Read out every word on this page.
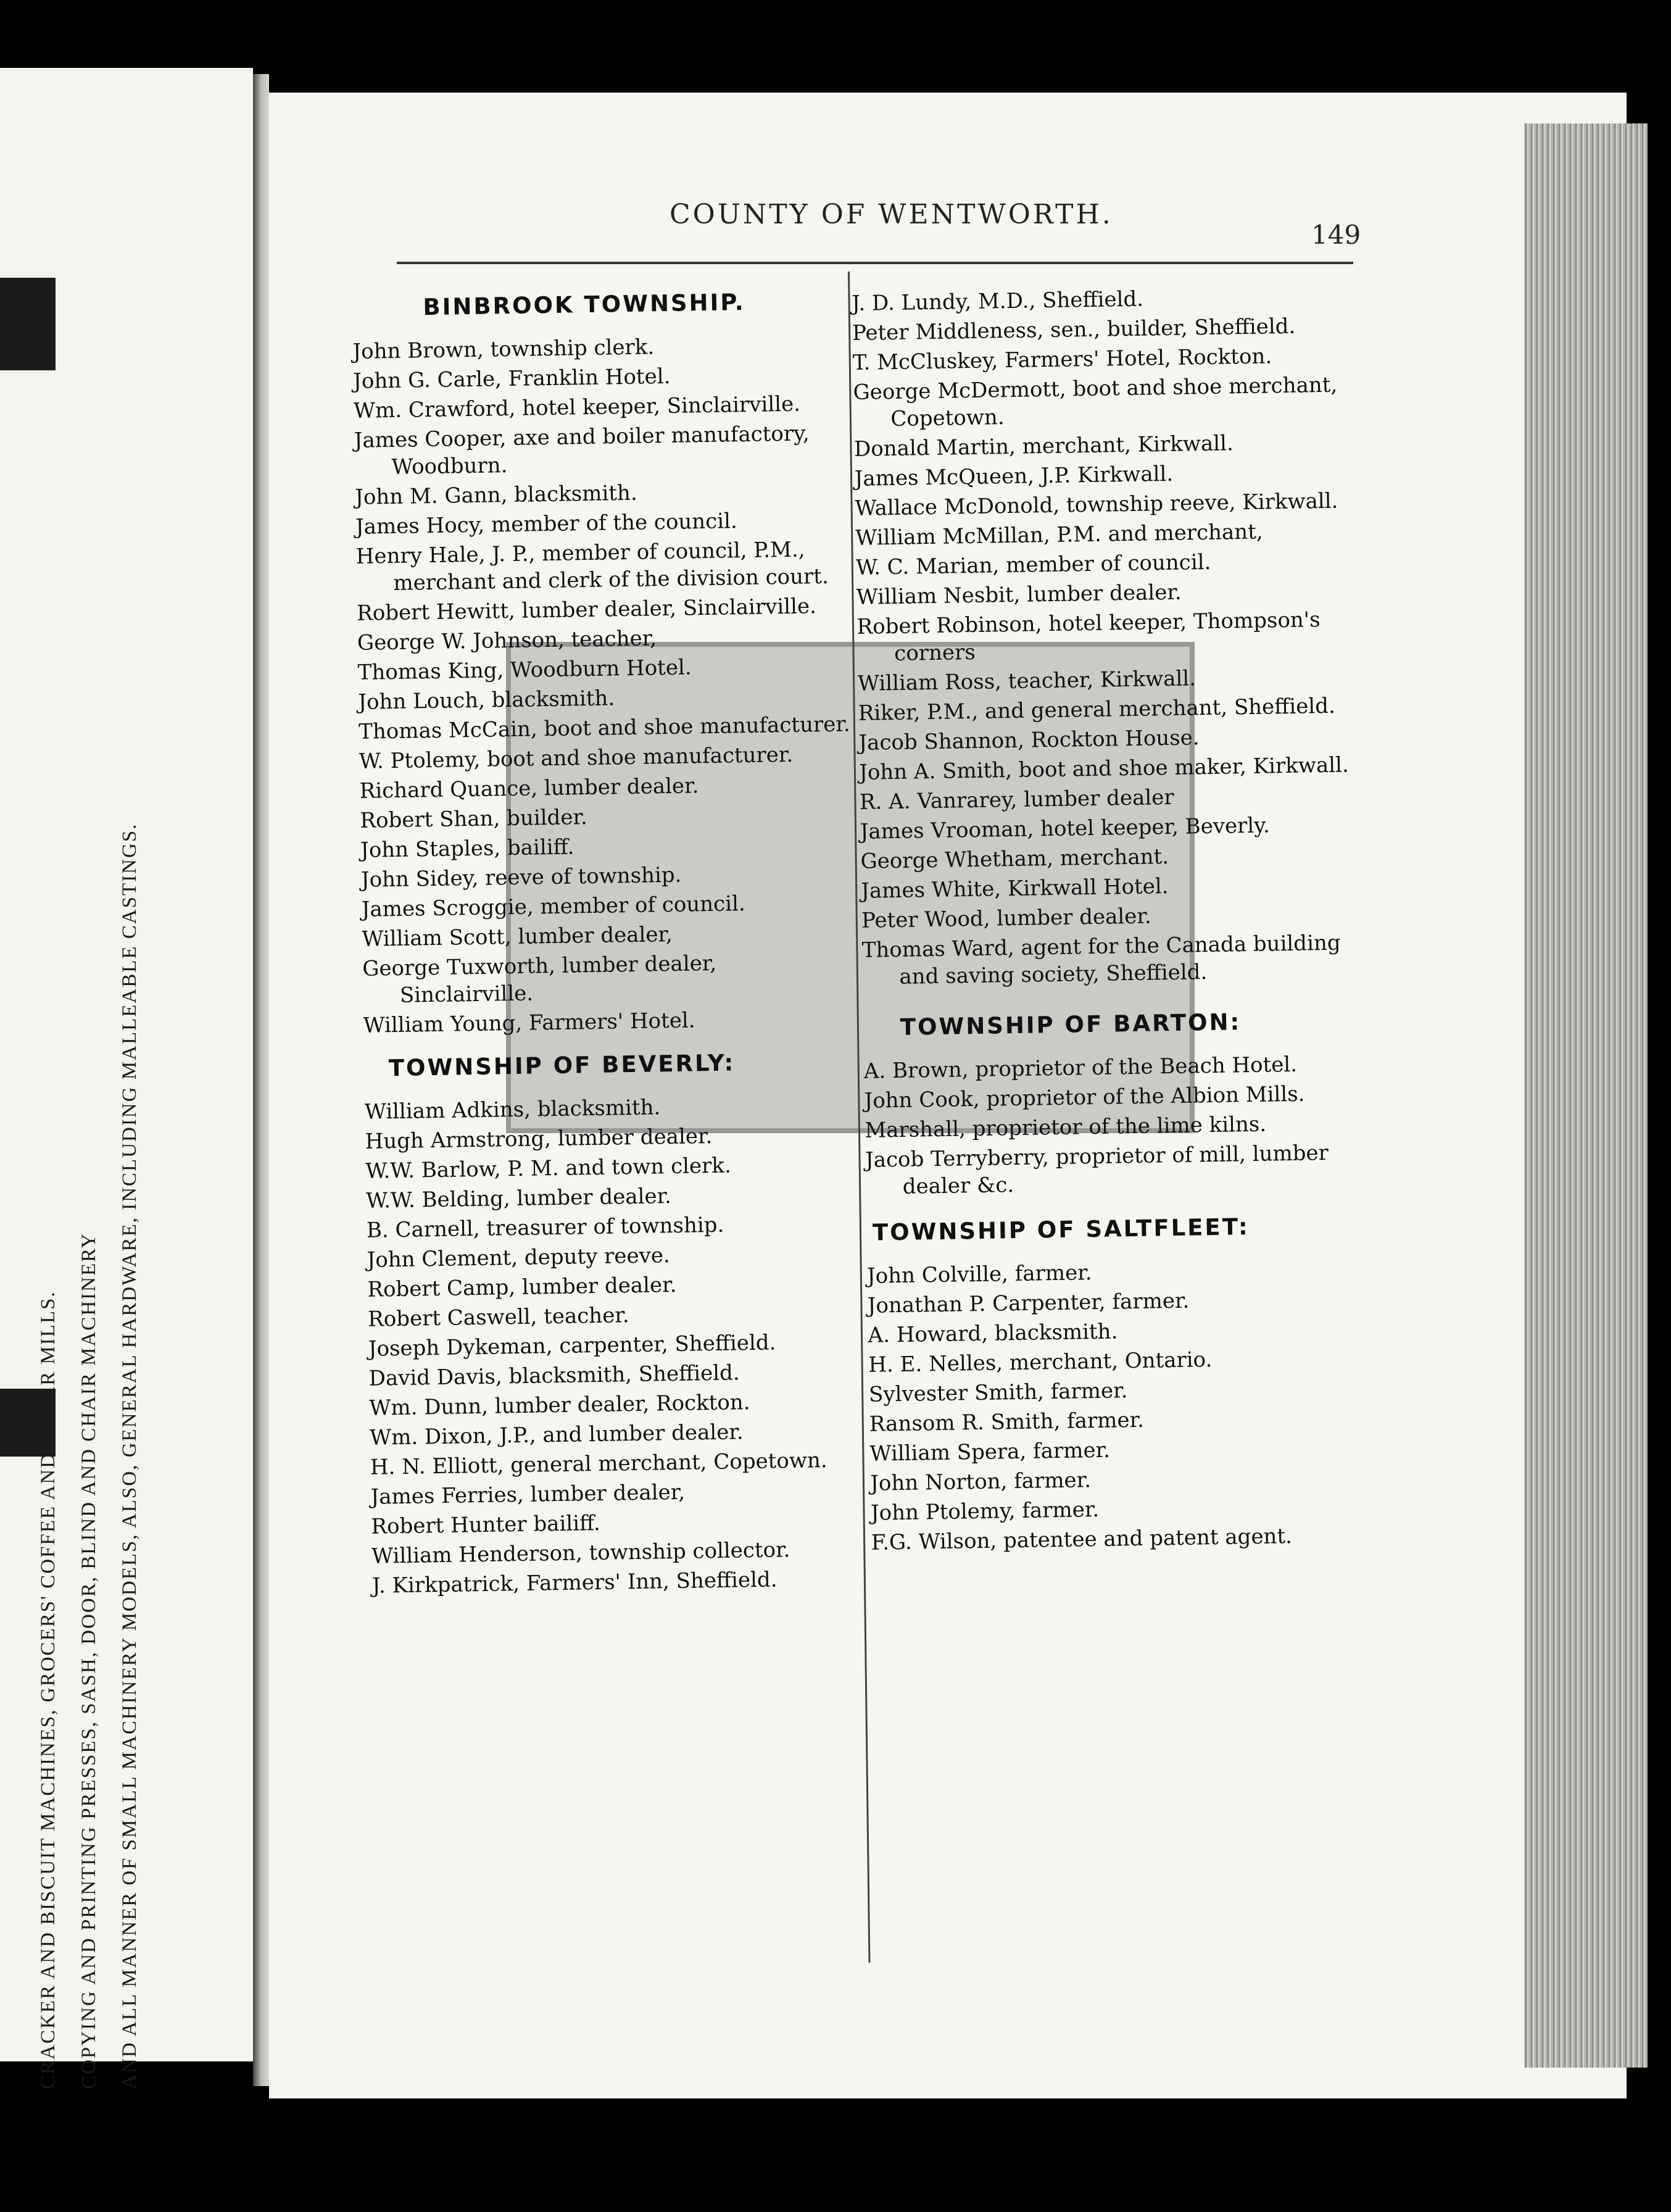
CRACKER AND BISCUIT MACHINES, GROCERS' COFFEE AND SUGAR MILLS. COPYING AND PRINTING PRESSES, SASH, DOOR, BLIND AND CHAIR MACHINERY AND ALL MANNER OF SMALL MACHINERY MODELS, ALSO, GENERAL HARDWARE, INCLUDING MALLEABLE CASTINGS.
COUNTY OF WENTWORTH.
149
BINBROOK TOWNSHIP.
John Brown, township clerk.
John G. Carle, Franklin Hotel.
Wm. Crawford, hotel keeper, Sinclairville.
James Cooper, axe and boiler manufactory, Woodburn.
John M. Gann, blacksmith.
James Hocy, member of the council.
Henry Hale, J. P., member of council, P.M., merchant and clerk of the division court.
Robert Hewitt, lumber dealer, Sinclairville.
George W. Johnson, teacher,
Thomas King, Woodburn Hotel.
John Louch, blacksmith.
Thomas McCain, boot and shoe manufacturer.
W. Ptolemy, boot and shoe manufacturer.
Richard Quance, lumber dealer.
Robert Shan, builder.
John Staples, bailiff.
John Sidey, reeve of township.
James Scroggie, member of council.
William Scott, lumber dealer,
George Tuxworth, lumber dealer, Sinclairville.
William Young, Farmers' Hotel.
TOWNSHIP OF BEVERLY:
William Adkins, blacksmith.
Hugh Armstrong, lumber dealer.
W.W. Barlow, P. M. and town clerk.
W.W. Belding, lumber dealer.
B. Carnell, treasurer of township.
John Clement, deputy reeve.
Robert Camp, lumber dealer.
Robert Caswell, teacher.
Joseph Dykeman, carpenter, Sheffield.
David Davis, blacksmith, Sheffield.
Wm. Dunn, lumber dealer, Rockton.
Wm. Dixon, J.P., and lumber dealer.
H. N. Elliott, general merchant, Copetown.
James Ferries, lumber dealer,
Robert Hunter bailiff.
William Henderson, township collector.
J. Kirkpatrick, Farmers' Inn, Sheffield.
J. D. Lundy, M.D., Sheffield.
Peter Middleness, sen., builder, Sheffield.
T. McCluskey, Farmers' Hotel, Rockton.
George McDermott, boot and shoe merchant, Copetown.
Donald Martin, merchant, Kirkwall.
James McQueen, J.P. Kirkwall.
Wallace McDonold, township reeve, Kirkwall.
William McMillan, P.M. and merchant,
W. C. Marian, member of council.
William Nesbit, lumber dealer.
Robert Robinson, hotel keeper, Thompson's corners
William Ross, teacher, Kirkwall.
Riker, P.M., and general merchant, Sheffield.
Jacob Shannon, Rockton House.
John A. Smith, boot and shoe maker, Kirkwall.
R. A. Vanrarey, lumber dealer
James Vrooman, hotel keeper, Beverly.
George Whetham, merchant.
James White, Kirkwall Hotel.
Peter Wood, lumber dealer.
Thomas Ward, agent for the Canada building and saving society, Sheffield.
TOWNSHIP OF BARTON:
A. Brown, proprietor of the Beach Hotel.
John Cook, proprietor of the Albion Mills.
Marshall, proprietor of the lime kilns.
Jacob Terryberry, proprietor of mill, lumber dealer &c.
TOWNSHIP OF SALTFLEET:
John Colville, farmer.
Jonathan P. Carpenter, farmer.
A. Howard, blacksmith.
H. E. Nelles, merchant, Ontario.
Sylvester Smith, farmer.
Ransom R. Smith, farmer.
William Spera, farmer.
John Norton, farmer.
John Ptolemy, farmer.
F.G. Wilson, patentee and patent agent.
